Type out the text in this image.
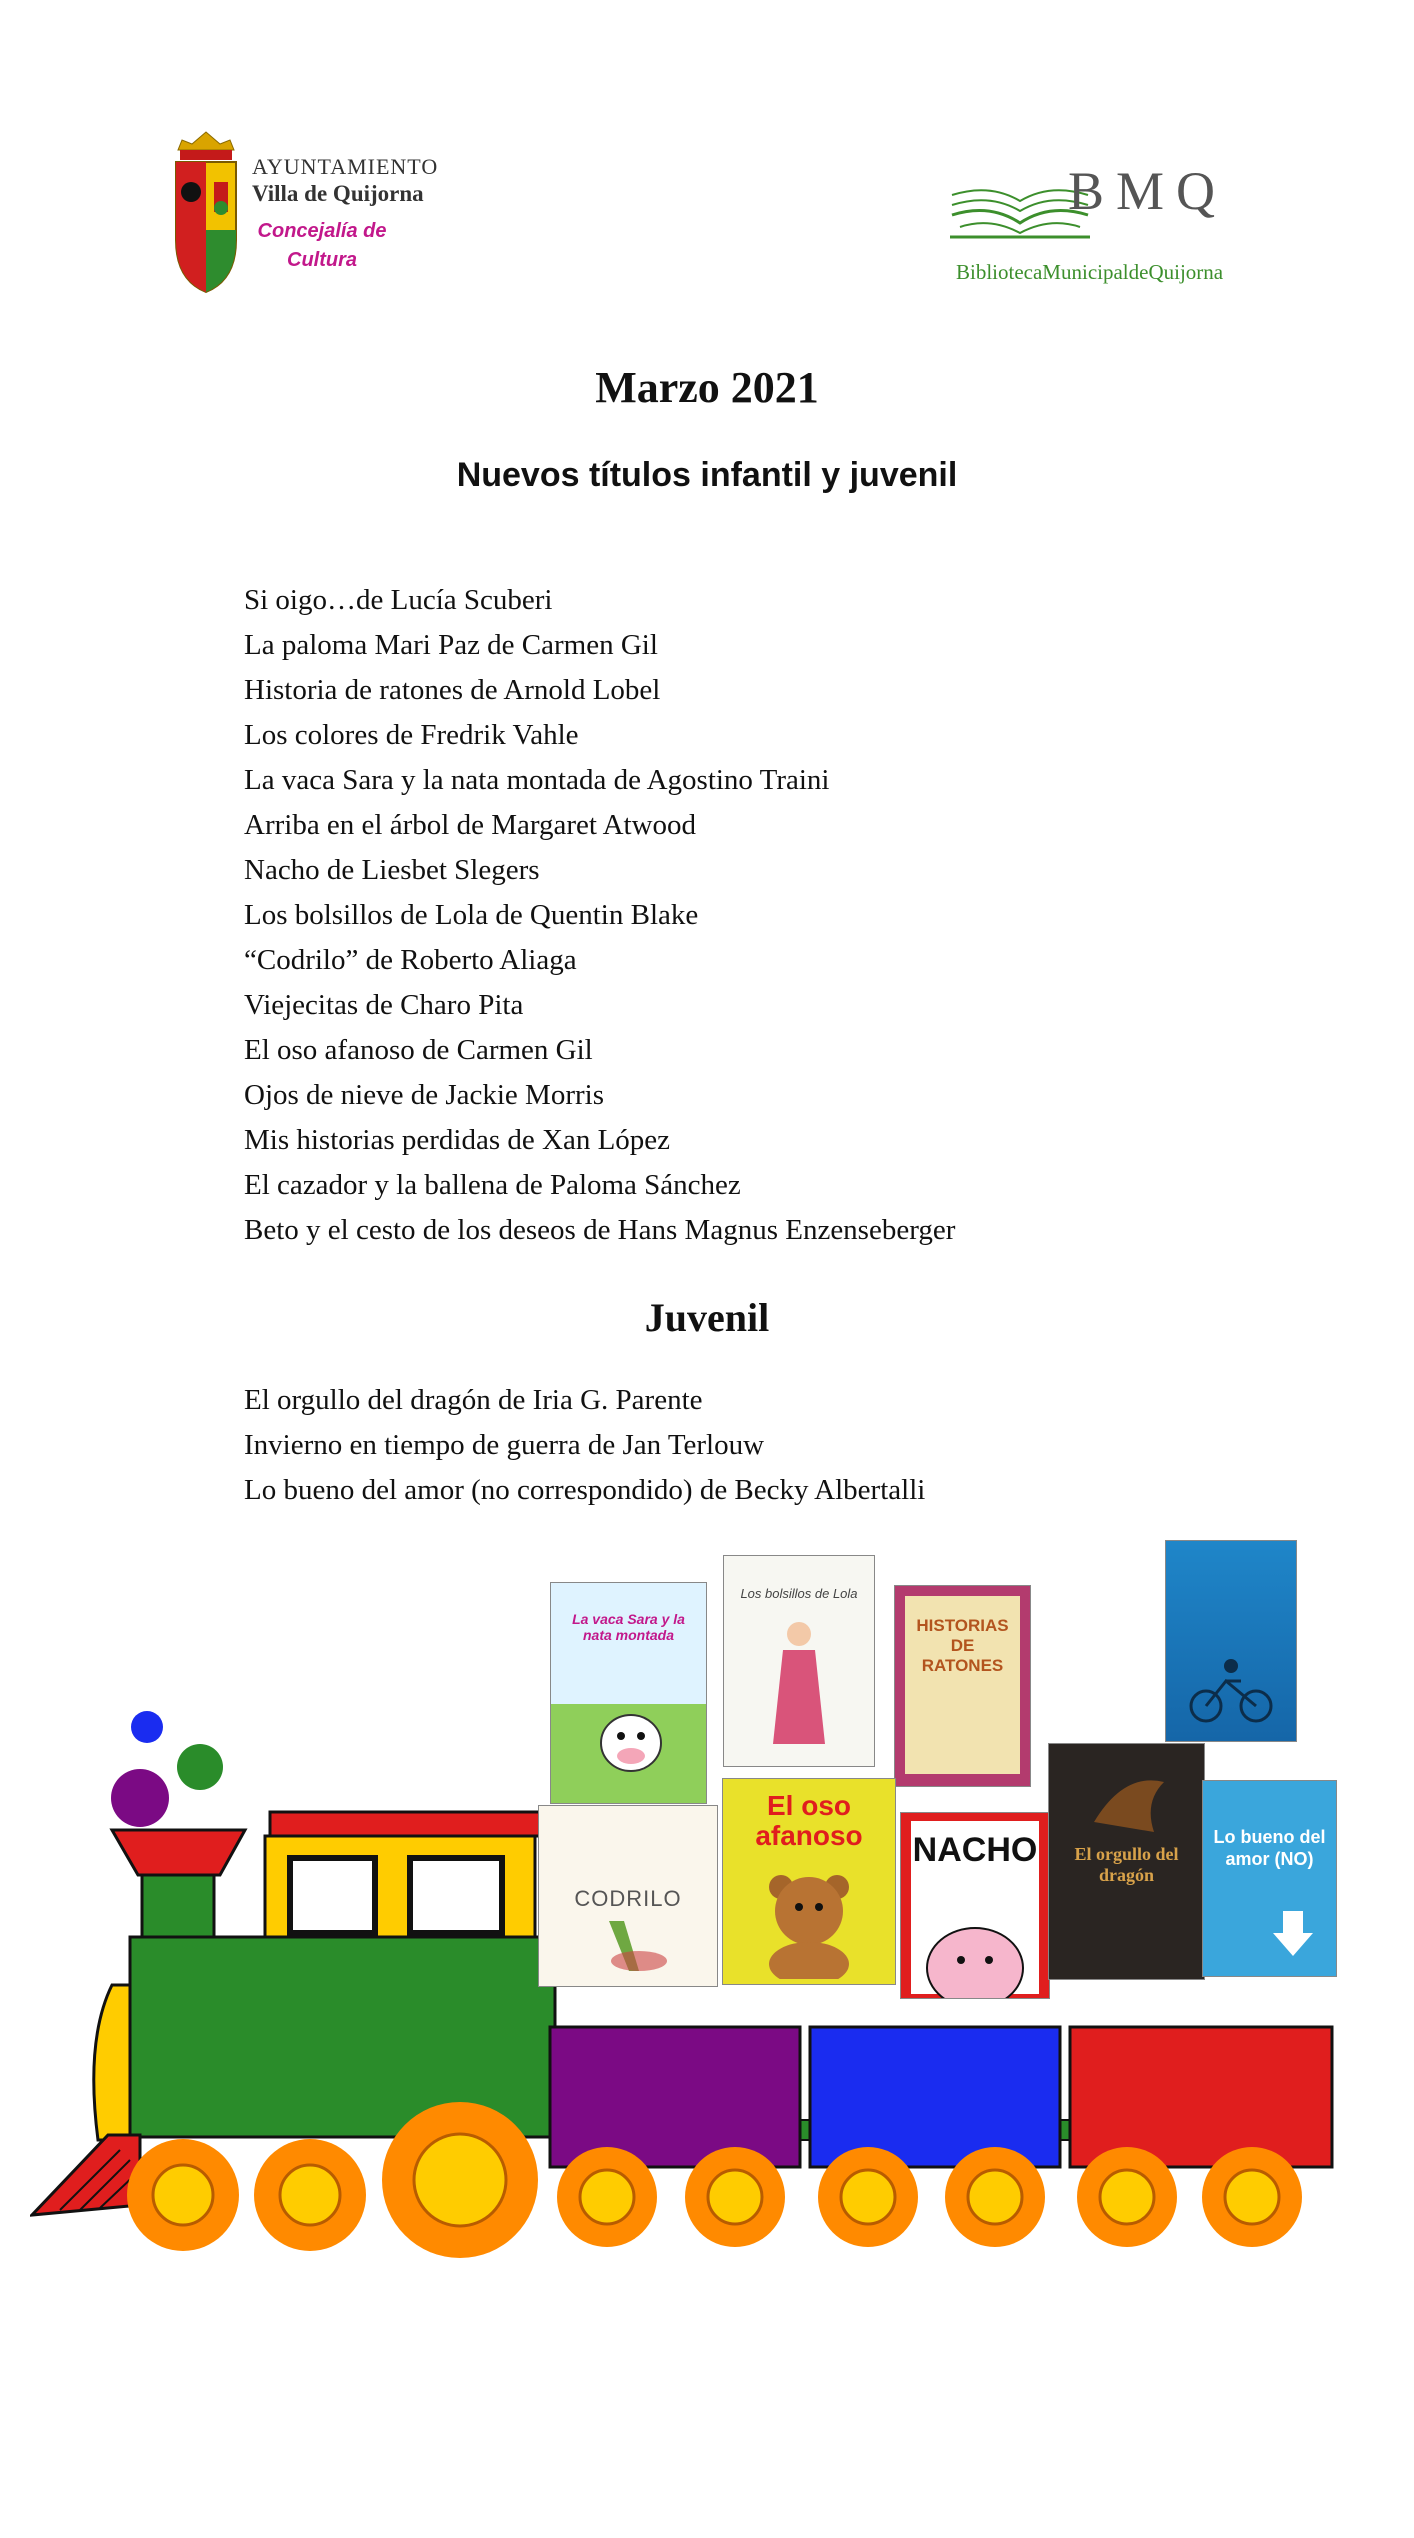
AYUNTAMIENTO
Villa de Quijorna
Concejalía de Cultura
BMQ
BibliotecaMunicipaldeQuijorna
Marzo 2021
Nuevos títulos infantil y juvenil
Si oigo…de Lucía Scuberi
La paloma Mari Paz de Carmen Gil
Historia de ratones de Arnold Lobel
Los colores de Fredrik Vahle
La vaca Sara y la nata montada de Agostino Traini
Arriba en el árbol de Margaret Atwood
Nacho de Liesbet Slegers
Los bolsillos de Lola de Quentin Blake
“Codrilo” de Roberto Aliaga
Viejecitas de Charo Pita
El oso afanoso de Carmen Gil
Ojos de nieve de Jackie Morris
Mis historias perdidas de Xan López
El cazador y la ballena de Paloma Sánchez
Beto y el cesto de los deseos de Hans Magnus Enzenseberger
Juvenil
El orgullo del dragón de Iria G. Parente
Invierno en tiempo de guerra de Jan Terlouw
Lo bueno del amor (no correspondido) de Becky Albertalli
La vaca Sara y la nata montada
Los bolsillos de Lola
HISTORIAS DE RATONES
CODRILO
El oso afanoso	NACHO	El orgullo del dragón
Lo bueno del amor (NO)
